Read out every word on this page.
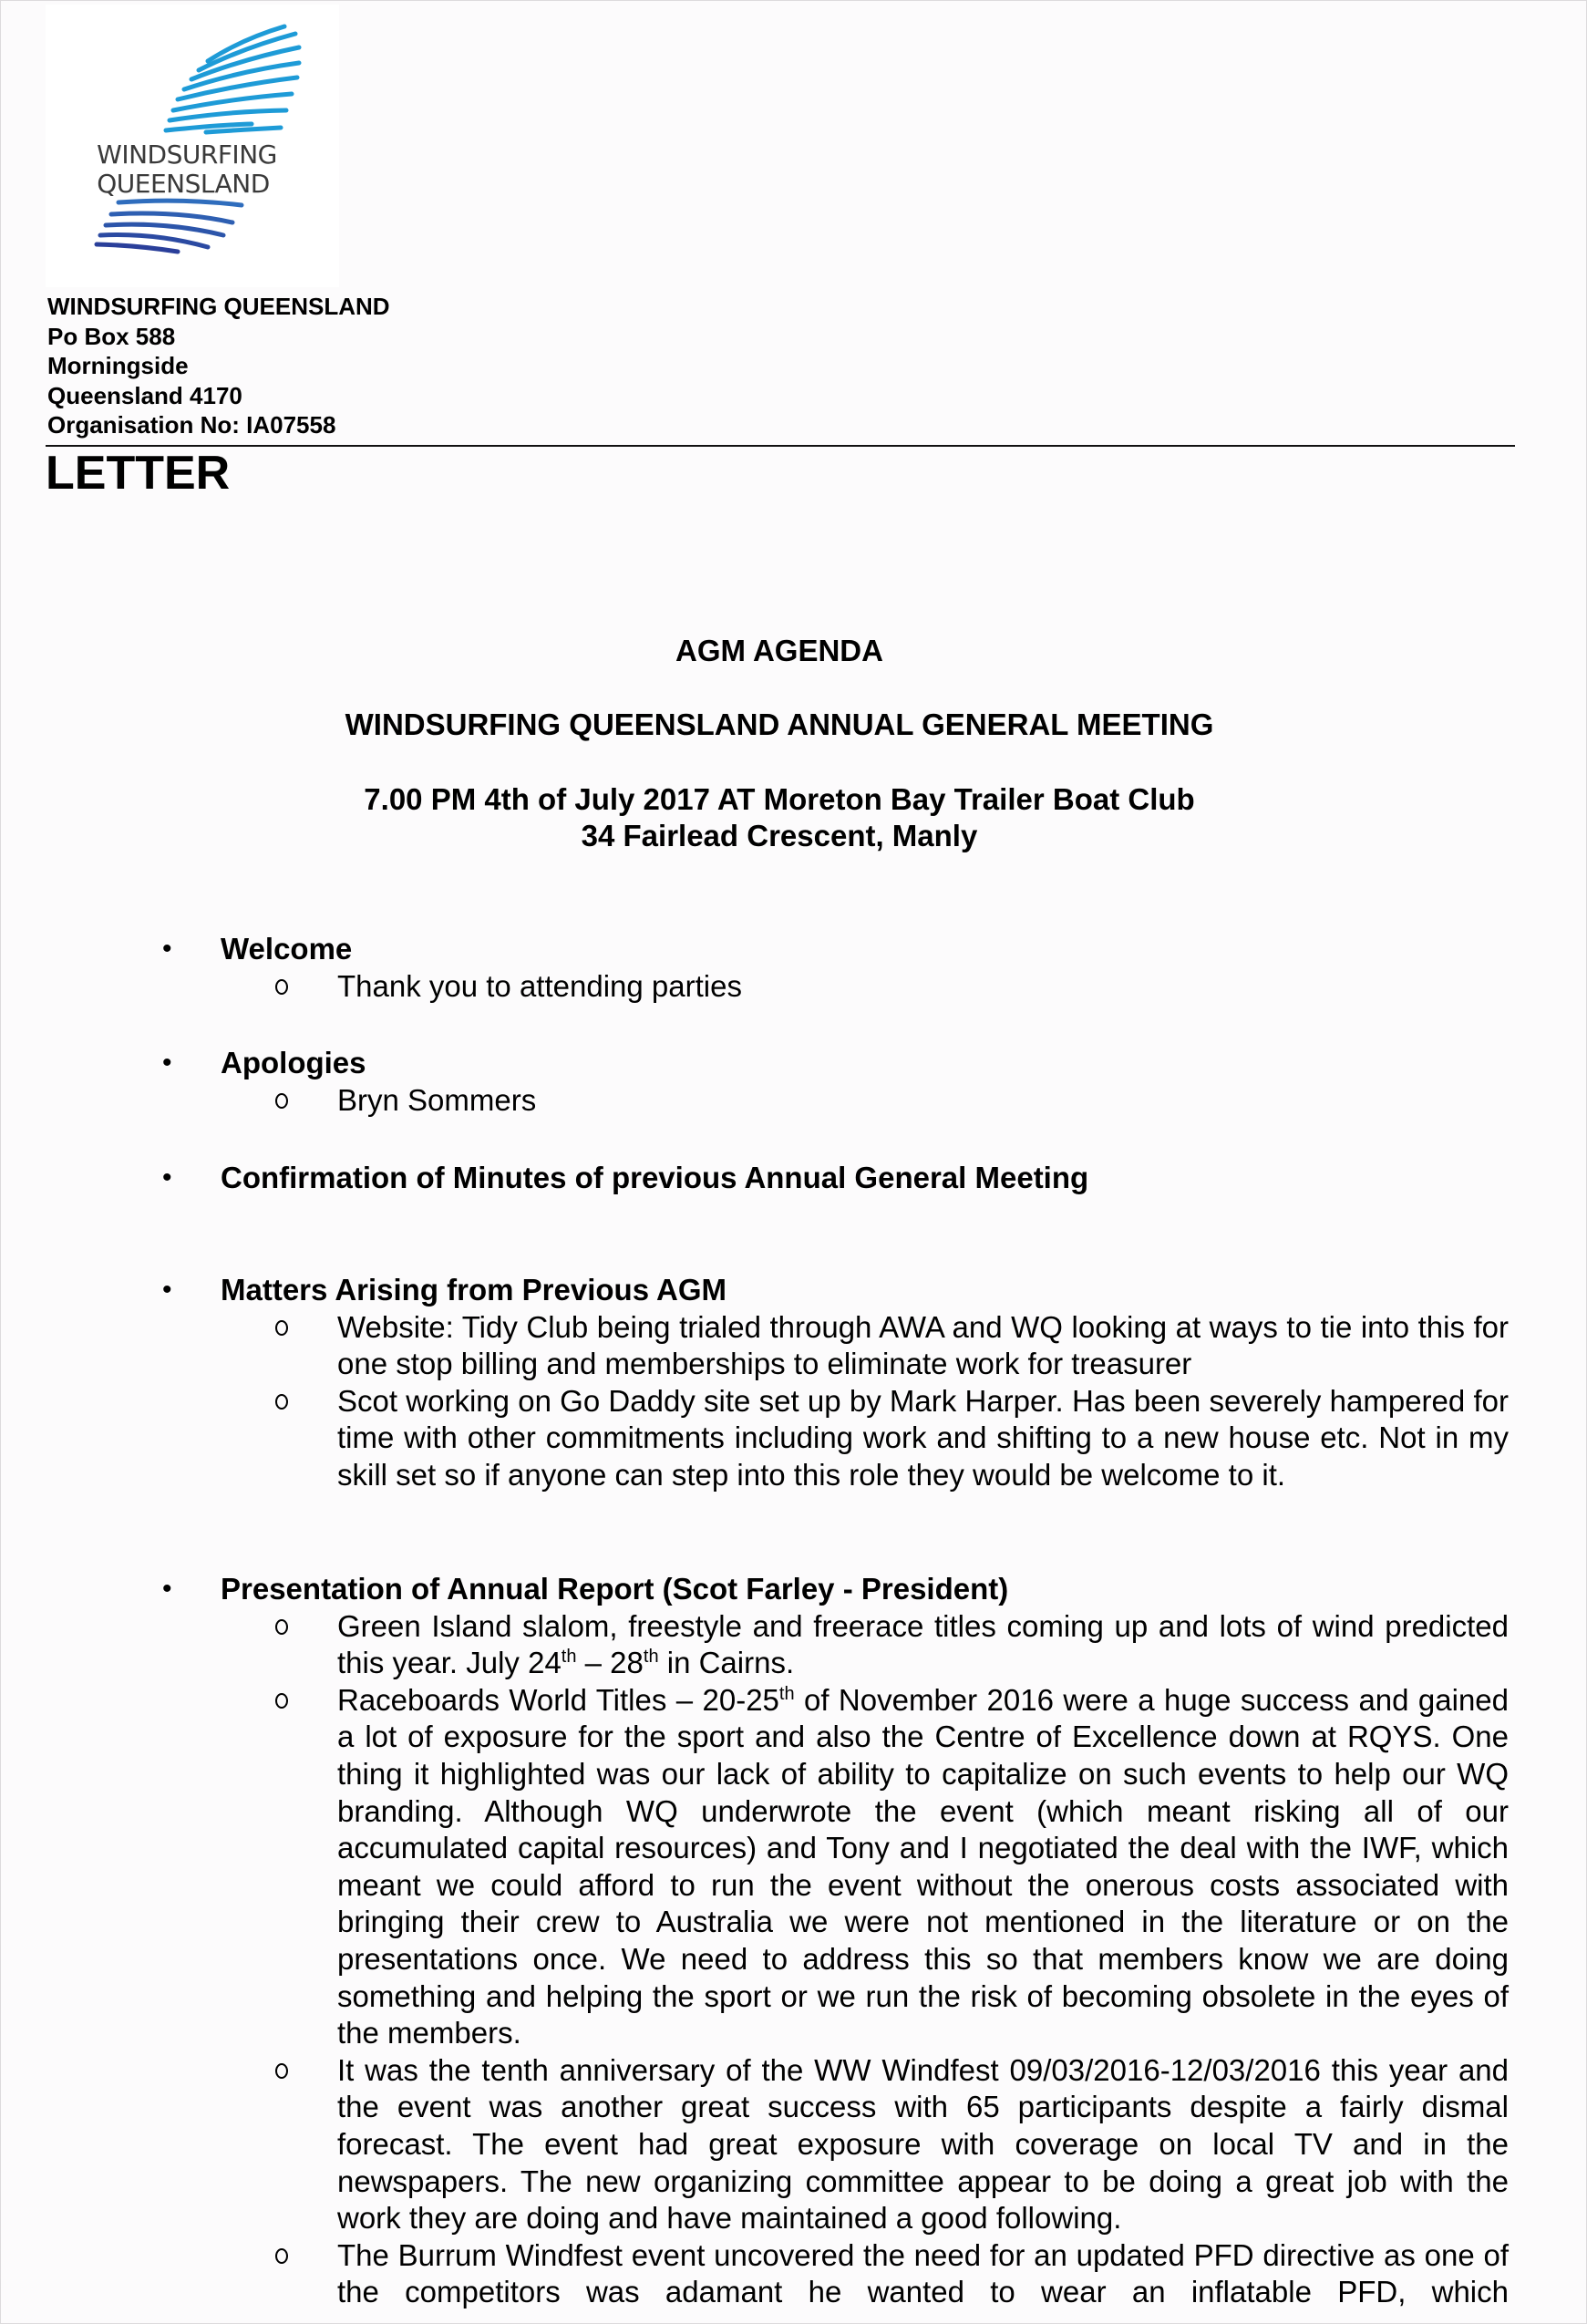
WINDSURFING
QUEENSLAND
WINDSURFING QUEENSLAND
Po Box 588
Morningside
Queensland 4170
Organisation No: IA07558
LETTER
AGM AGENDA
WINDSURFING QUEENSLAND ANNUAL GENERAL MEETING
7.00 PM 4th of July 2017 AT Moreton Bay Trailer Boat Club
34 Fairlead Crescent, Manly
• Welcome
Thank you to attending parties
• Apologies
Bryn Sommers
• Confirmation of Minutes of previous Annual General Meeting
• Matters Arising from Previous AGM
Website: Tidy Club being trialed through AWA and WQ looking at ways to tie into this for one stop billing and memberships to eliminate work for treasurer
Scot working on Go Daddy site set up by Mark Harper. Has been severely hampered for time with other commitments including work and shifting to a new house etc. Not in my skill set so if anyone can step into this role they would be welcome to it.
• Presentation of Annual Report (Scot Farley - President)
Green Island slalom, freestyle and freerace titles coming up and lots of wind predicted this year. July 24th – 28th in Cairns.
Raceboards World Titles – 20-25th of November 2016 were a huge success and gained a lot of exposure for the sport and also the Centre of Excellence down at RQYS. One thing it highlighted was our lack of ability to capitalize on such events to help our WQ branding. Although WQ underwrote the event (which meant risking all of our accumulated capital resources) and Tony and I negotiated the deal with the IWF, which meant we could afford to run the event without the onerous costs associated with bringing their crew to Australia we were not mentioned in the literature or on the presentations once. We need to address this so that members know we are doing something and helping the sport or we run the risk of becoming obsolete in the eyes of the members.
It was the tenth anniversary of the WW Windfest 09/03/2016-12/03/2016 this year and the event was another great success with 65 participants despite a fairly dismal forecast. The event had great exposure with coverage on local TV and in the newspapers. The new organizing committee appear to be doing a great job with the work they are doing and have maintained a good following.
The Burrum Windfest event uncovered the need for an updated PFD directive as one of the competitors was adamant he wanted to wear an inflatable PFD, which
